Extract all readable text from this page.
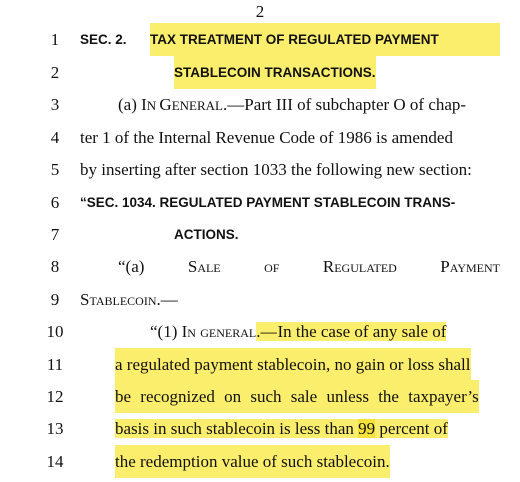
2
1	SEC. 2. TAX TREATMENT OF REGULATED PAYMENT
2	STABLECOIN TRANSACTIONS.
3	(a) IN GENERAL.—Part III of subchapter O of chap-
4	ter 1 of the Internal Revenue Code of 1986 is amended
5	by inserting after section 1033 the following new section:
6	“SEC. 1034. REGULATED PAYMENT STABLECOIN TRANS-
7	ACTIONS.
8	“(a)	Sale	of	Regulated	Payment
9	Stablecoin.—
10	“(1) In general.—In the case of any sale of
11	a regulated payment stablecoin, no gain or loss shall
12	be recognized on such sale unless the taxpayer’s
13	basis in such stablecoin is less than 99 percent of
14	the redemption value of such stablecoin.
